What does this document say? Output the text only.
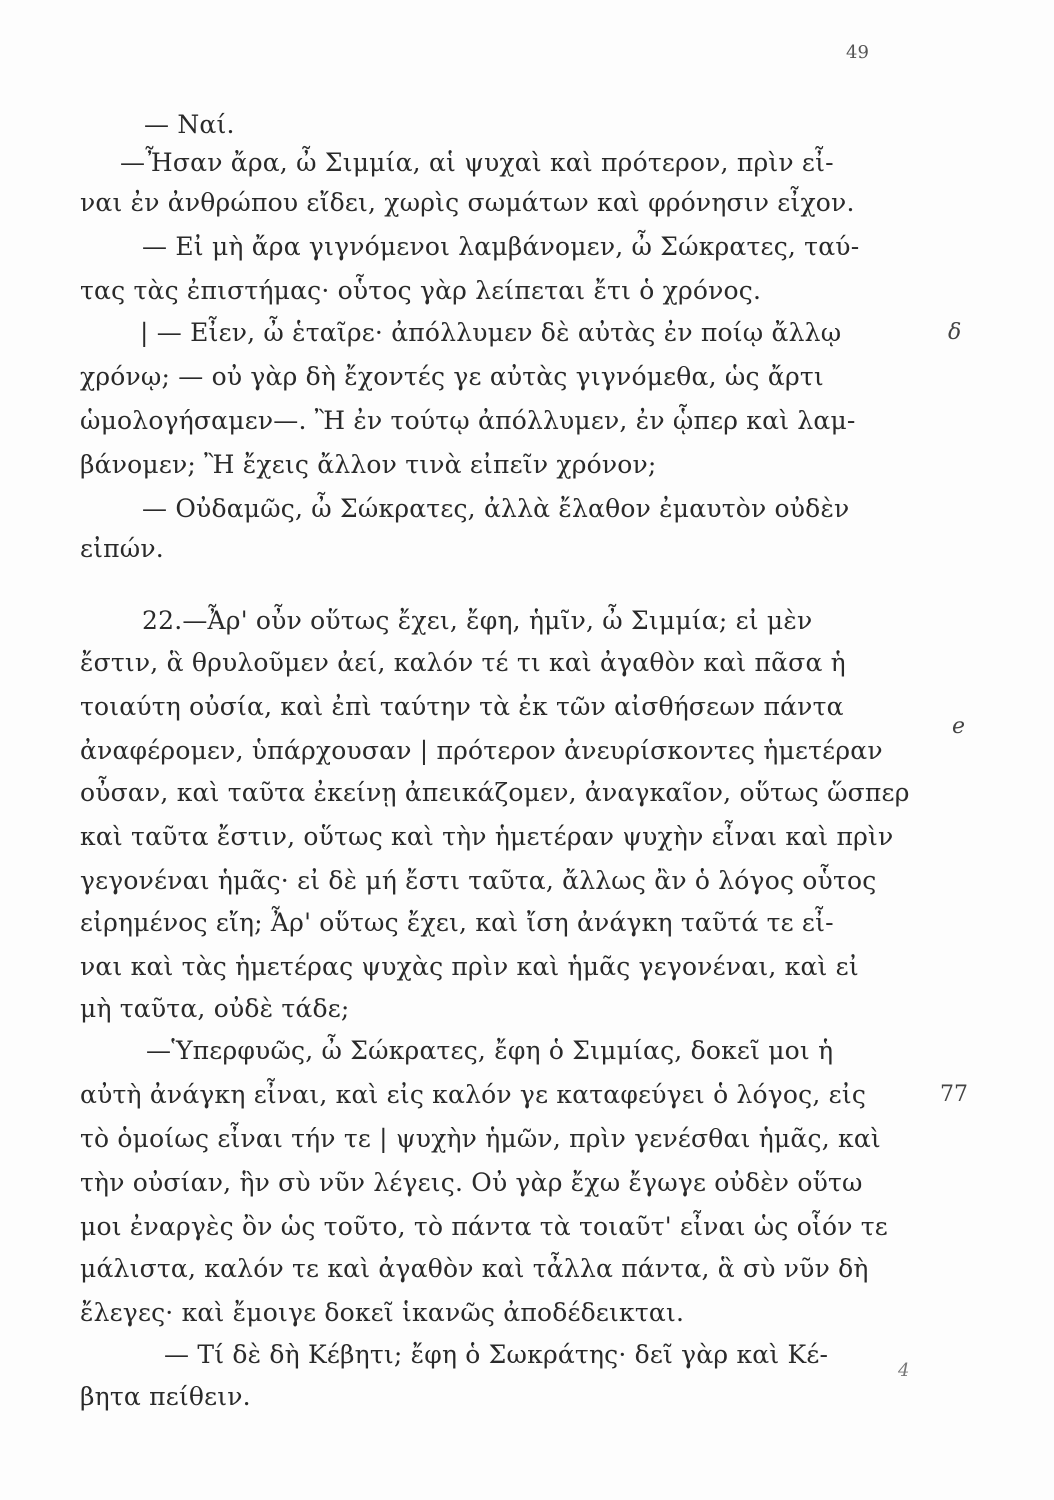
49
— Ναί.
—Ἦσαν ἄρα, ὦ Σιμμία, αἱ ψυχαὶ καὶ πρότερον, πρὶν εἶ-
ναι ἐν ἀνθρώπου εἴδει, χωρὶς σωμάτων καὶ φρόνησιν εἶχον.
— Εἰ μὴ ἄρα γιγνόμενοι λαμβάνομεν, ὦ Σώκρατες, ταύ-
τας τὰς ἐπιστήμας· οὗτος γὰρ λείπεται ἔτι ὁ χρόνος.
| — Εἶεν, ὦ ἑταῖρε· ἀπόλλυμεν δὲ αὐτὰς ἐν ποίῳ ἄλλῳ
χρόνῳ; — οὐ γὰρ δὴ ἔχοντές γε αὐτὰς γιγνόμεθα, ὡς ἄρτι
ὡμολογήσαμεν—. Ἢ ἐν τούτῳ ἀπόλλυμεν, ἐν ᾧπερ καὶ λαμ-
βάνομεν; Ἢ ἔχεις ἄλλον τινὰ εἰπεῖν χρόνον;
— Οὐδαμῶς, ὦ Σώκρατες, ἀλλὰ ἔλαθον ἐμαυτὸν οὐδὲν
εἰπών.
22.—Ἆρ' οὖν οὕτως ἔχει, ἔφη, ἡμῖν, ὦ Σιμμία; εἰ μὲν
ἔστιν, ἃ θρυλοῦμεν ἀεί, καλόν τέ τι καὶ ἀγαθὸν καὶ πᾶσα ἡ
τοιαύτη οὐσία, καὶ ἐπὶ ταύτην τὰ ἐκ τῶν αἰσθήσεων πάντα
ἀναφέρομεν, ὑπάρχουσαν | πρότερον ἀνευρίσκοντες ἡμετέραν
οὖσαν, καὶ ταῦτα ἐκείνῃ ἀπεικάζομεν, ἀναγκαῖον, οὕτως ὥσπερ
καὶ ταῦτα ἔστιν, οὕτως καὶ τὴν ἡμετέραν ψυχὴν εἶναι καὶ πρὶν
γεγονέναι ἡμᾶς· εἰ δὲ μή ἔστι ταῦτα, ἄλλως ἂν ὁ λόγος οὗτος
εἰρημένος εἴη; Ἆρ' οὕτως ἔχει, καὶ ἴση ἀνάγκη ταῦτά τε εἶ-
ναι καὶ τὰς ἡμετέρας ψυχὰς πρὶν καὶ ἡμᾶς γεγονέναι, καὶ εἰ
μὴ ταῦτα, οὐδὲ τάδε;
—Ὑπερφυῶς, ὦ Σώκρατες, ἔφη ὁ Σιμμίας, δοκεῖ μοι ἡ
αὐτὴ ἀνάγκη εἶναι, καὶ εἰς καλόν γε καταφεύγει ὁ λόγος, εἰς
τὸ ὁμοίως εἶναι τήν τε | ψυχὴν ἡμῶν, πρὶν γενέσθαι ἡμᾶς, καὶ
τὴν οὐσίαν, ἣν σὺ νῦν λέγεις. Οὐ γὰρ ἔχω ἔγωγε οὐδὲν οὕτω
μοι ἐναργὲς ὂν ὡς τοῦτο, τὸ πάντα τὰ τοιαῦτ' εἶναι ὡς οἷόν τε
μάλιστα, καλόν τε καὶ ἀγαθὸν καὶ τἆλλα πάντα, ἃ σὺ νῦν δὴ
ἔλεγες· καὶ ἔμοιγε δοκεῖ ἱκανῶς ἀποδέδεικται.
— Τί δὲ δὴ Κέβητι; ἔφη ὁ Σωκράτης· δεῖ γὰρ καὶ Κέ-
βητα πείθειν.
δ
e
77
4
